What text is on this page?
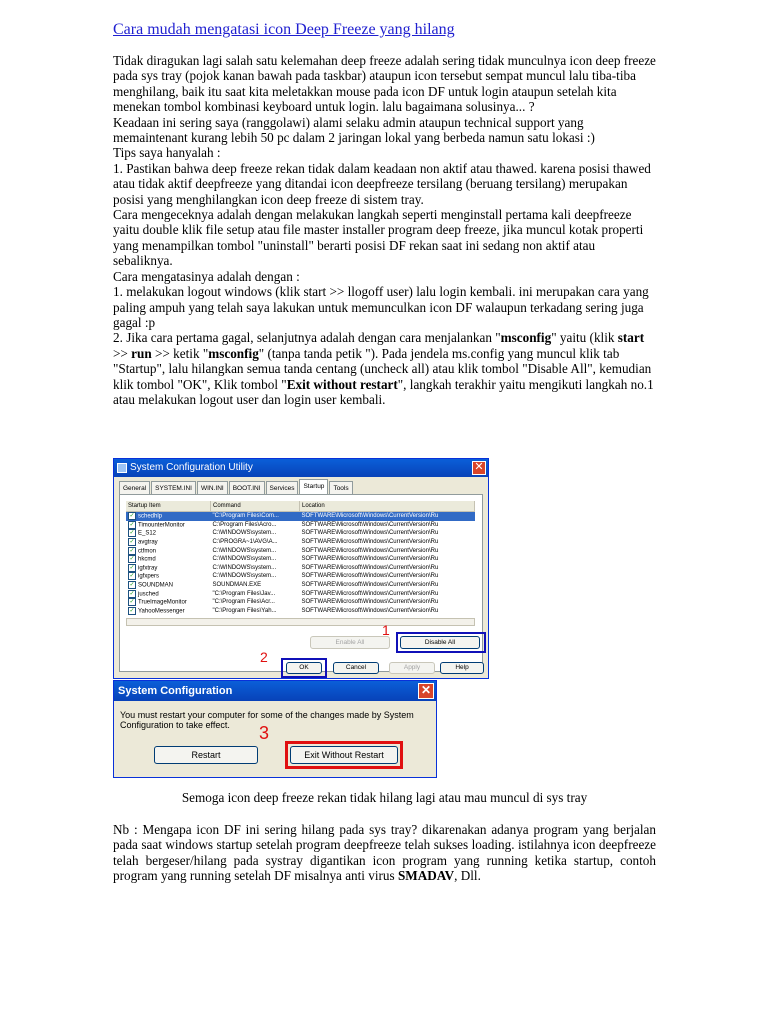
Cara mudah mengatasi icon Deep Freeze yang hilang

Tidak diragukan lagi salah satu kelemahan deep freeze adalah sering tidak munculnya icon deep freeze pada sys tray (pojok kanan bawah pada taskbar) ataupun icon tersebut sempat muncul lalu tiba-tiba menghilang, baik itu saat kita meletakkan mouse pada icon DF untuk login ataupun setelah kita menekan tombol kombinasi keyboard untuk login. lalu bagaimana solusinya... ?

Keadaan ini sering saya (ranggolawi) alami selaku admin ataupun technical support yang memaintenant kurang lebih 50 pc dalam 2 jaringan lokal yang berbeda namun satu lokasi :)

Tips saya hanyalah :

1. Pastikan bahwa deep freeze rekan tidak dalam keadaan non aktif atau thawed. karena posisi thawed atau tidak aktif deepfreeze yang ditandai icon deepfreeze tersilang (beruang tersilang) merupakan posisi yang menghilangkan icon deep freeze di sistem tray.

Cara mengeceknya adalah dengan melakukan langkah seperti menginstall pertama kali deepfreeze yaitu double klik file setup atau file master installer program deep freeze, jika muncul kotak properti yang menampilkan tombol "uninstall" berarti posisi DF rekan saat ini sedang non aktif atau sebaliknya.

Cara mengatasinya adalah dengan :

1. melakukan logout windows (klik start >> llogoff user) lalu login kembali. ini merupakan cara yang paling ampuh yang telah saya lakukan untuk memunculkan icon DF walaupun terkadang sering juga gagal :p

2. Jika cara pertama gagal, selanjutnya adalah dengan cara menjalankan "msconfig" yaitu (klik start >> run >> ketik "msconfig" (tanpa tanda petik "). Pada jendela ms.config yang muncul klik tab "Startup", lalu hilangkan semua tanda centang (uncheck all) atau klik tombol "Disable All", kemudian klik tombol "OK", Klik tombol "Exit without restart", langkah terakhir yaitu mengikuti langkah no.1 atau melakukan logout user dan login user kembali.

System Configuration Utility	✕
General	SYSTEM.INI	WIN.INI	BOOT.INI	Services	Startup	Tools
Startup Item	Command	Location
✓ schedhlp	"C:\Program Files\Com...	SOFTWARE\Microsoft\Windows\CurrentVersion\Ru
✓ TimounterMonitor	C:\Program Files\Acro...	SOFTWARE\Microsoft\Windows\CurrentVersion\Ru
✓ E_S12	C:\WINDOWS\system...	SOFTWARE\Microsoft\Windows\CurrentVersion\Ru
✓ avgtray	C:\PROGRA~1\AVG\A...	SOFTWARE\Microsoft\Windows\CurrentVersion\Ru
✓ ctfmon	C:\WINDOWS\system...	SOFTWARE\Microsoft\Windows\CurrentVersion\Ru
✓ hkcmd	C:\WINDOWS\system...	SOFTWARE\Microsoft\Windows\CurrentVersion\Ru
✓ igfxtray	C:\WINDOWS\system...	SOFTWARE\Microsoft\Windows\CurrentVersion\Ru
✓ igfxpers	C:\WINDOWS\system...	SOFTWARE\Microsoft\Windows\CurrentVersion\Ru
✓ SOUNDMAN	SOUNDMAN.EXE	SOFTWARE\Microsoft\Windows\CurrentVersion\Ru
✓ jusched	"C:\Program Files\Jav...	SOFTWARE\Microsoft\Windows\CurrentVersion\Ru
✓ TrueImageMonitor	"C:\Program Files\Acr...	SOFTWARE\Microsoft\Windows\CurrentVersion\Ru
✓ YahooMessenger	"C:\Program Files\Yah...	SOFTWARE\Microsoft\Windows\CurrentVersion\Ru
Enable All	Disable All
1
OK
2
Cancel	Apply	Help
System Configuration	✕
You must restart your computer for some of the changes made by System Configuration to take effect.
Restart	Exit Without Restart
3
Semoga icon deep freeze rekan tidak hilang lagi atau mau muncul di sys tray

Nb : Mengapa icon DF ini sering hilang pada sys tray? dikarenakan adanya program yang berjalan pada saat windows startup setelah program deepfreeze telah sukses loading. istilahnya icon deepfreeze telah bergeser/hilang pada systray digantikan icon program yang running ketika startup, contoh program yang running setelah DF misalnya anti virus SMADAV, Dll.
